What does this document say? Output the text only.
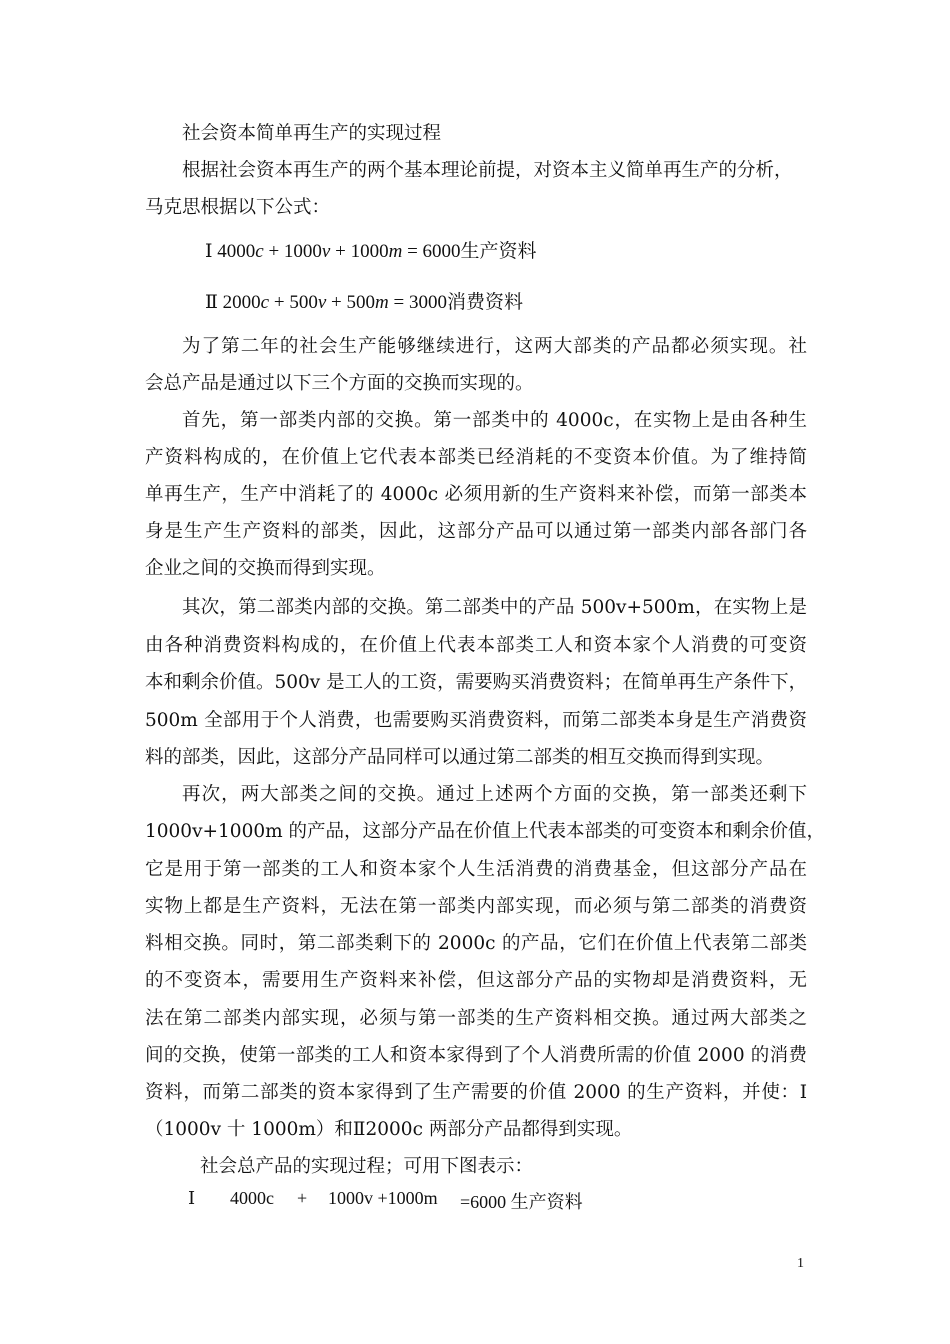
社会资本简单再生产的实现过程
根据社会资本再生产的两个基本理论前提，对资本主义简单再生产的分析，
马克思根据以下公式：
Ⅰ 4000c + 1000v + 1000m = 6000生产资料
Ⅱ 2000c + 500v + 500m = 3000消费资料
为了第二年的社会生产能够继续进行，这两大部类的产品都必须实现。社
会总产品是通过以下三个方面的交换而实现的。
首先，第一部类内部的交换。第一部类中的 4000c，在实物上是由各种生
产资料构成的，在价值上它代表本部类已经消耗的不变资本价值。为了维持简
单再生产，生产中消耗了的 4000c 必须用新的生产资料来补偿，而第一部类本
身是生产生产资料的部类，因此，这部分产品可以通过第一部类内部各部门各
企业之间的交换而得到实现。
其次，第二部类内部的交换。第二部类中的产品 500v+500m，在实物上是
由各种消费资料构成的，在价值上代表本部类工人和资本家个人消费的可变资
本和剩余价值。500v 是工人的工资，需要购买消费资料；在简单再生产条件下，
500m 全部用于个人消费，也需要购买消费资料，而第二部类本身是生产消费资
料的部类，因此，这部分产品同样可以通过第二部类的相互交换而得到实现。
再次，两大部类之间的交换。通过上述两个方面的交换，第一部类还剩下
1000v+1000m 的产品，这部分产品在价值上代表本部类的可变资本和剩余价值，
它是用于第一部类的工人和资本家个人生活消费的消费基金，但这部分产品在
实物上都是生产资料，无法在第一部类内部实现，而必须与第二部类的消费资
料相交换。同时，第二部类剩下的 2000c 的产品，它们在价值上代表第二部类
的不变资本，需要用生产资料来补偿，但这部分产品的实物却是消费资料，无
法在第二部类内部实现，必须与第一部类的生产资料相交换。通过两大部类之
间的交换，使第一部类的工人和资本家得到了个人消费所需的价值 2000 的消费
资料，而第二部类的资本家得到了生产需要的价值 2000 的生产资料，并使：Ⅰ
（1000v 十 1000m）和Ⅱ2000c 两部分产品都得到实现。
社会总产品的实现过程；可用下图表示：
Ⅰ 4000c + 1000v +1000m =6000 生产资料
1
